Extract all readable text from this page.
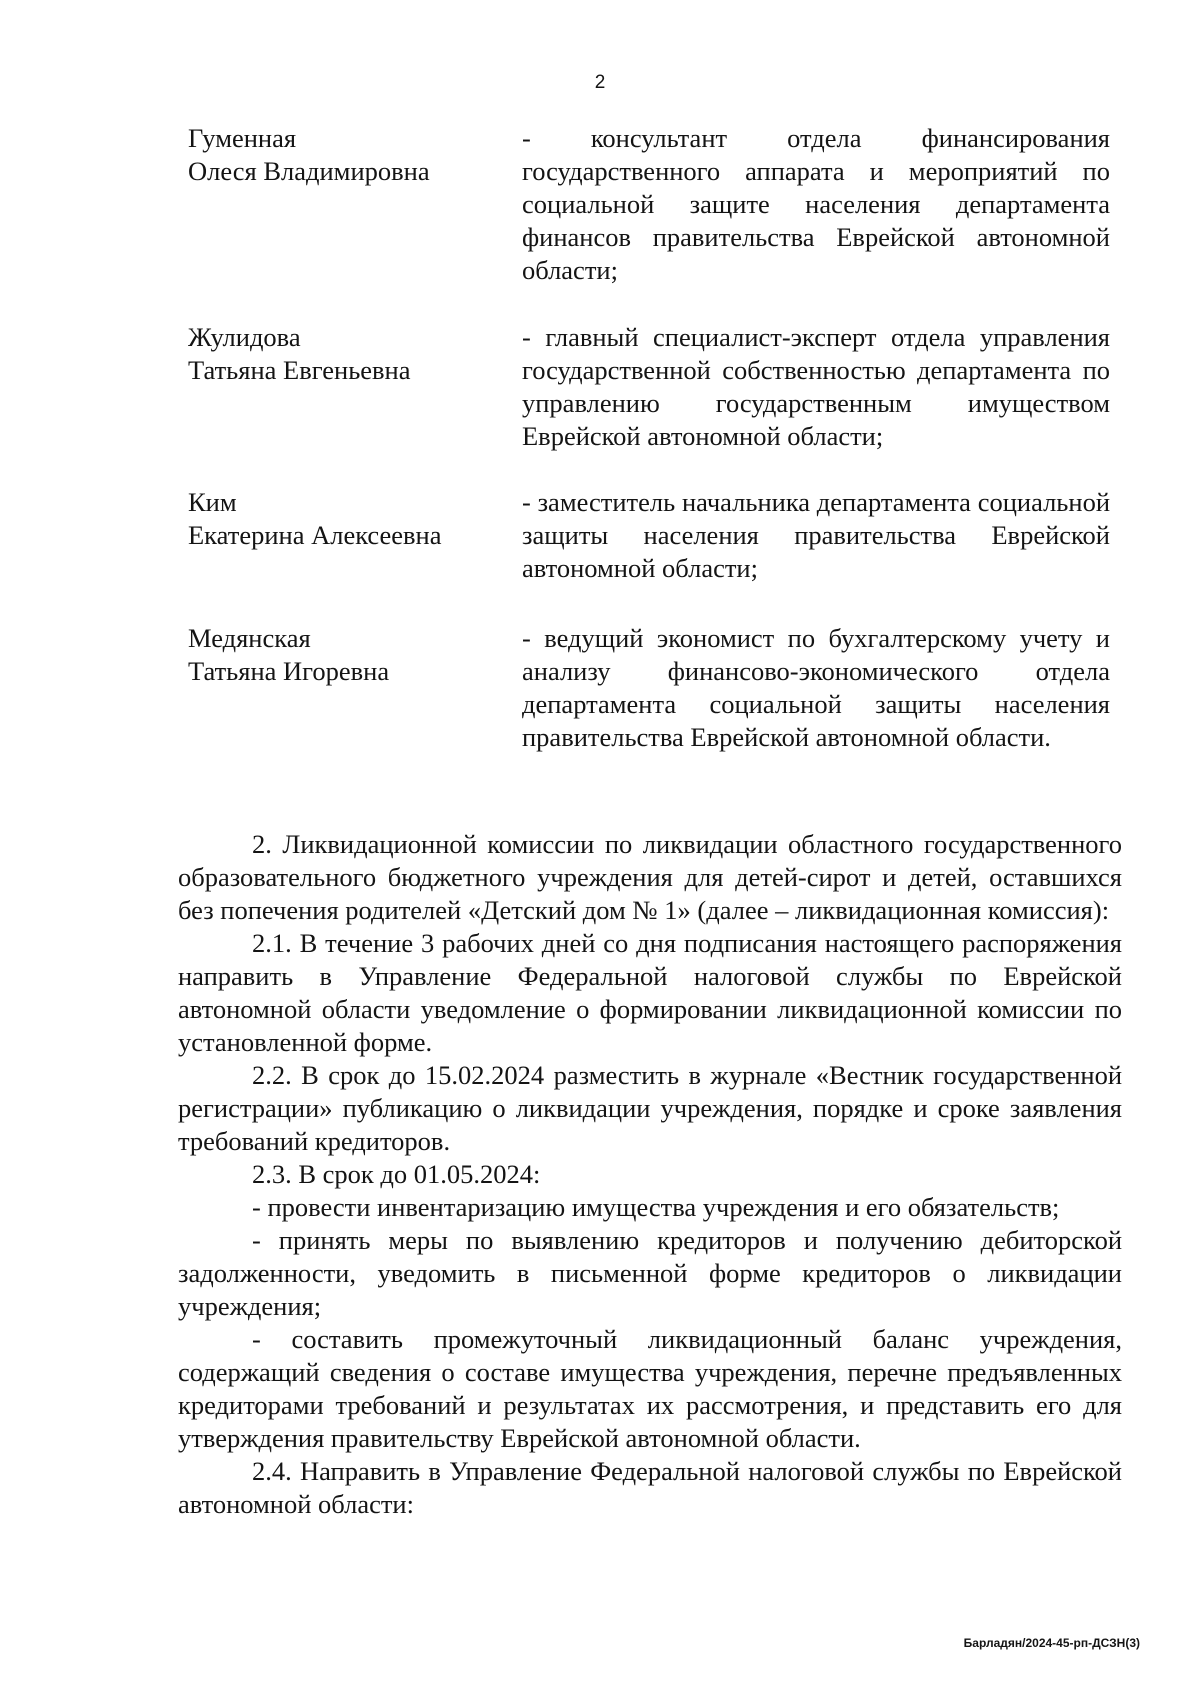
2
Гуменная
Олеся Владимировна
- консультант отдела финансирования государственного аппарата и мероприятий по социальной защите населения департамента финансов правительства Еврейской автономной области;
Жулидова
Татьяна Евгеньевна
- главный специалист-эксперт отдела управления государственной собственностью департамента по управлению государственным имуществом Еврейской автономной области;
Ким
Екатерина Алексеевна
- заместитель начальника департамента социальной защиты населения правительства Еврейской автономной области;
Медянская
Татьяна Игоревна
- ведущий экономист по бухгалтерскому учету и анализу финансово-экономического отдела департамента социальной защиты населения правительства Еврейской автономной области.

2. Ликвидационной комиссии по ликвидации областного государственного образовательного бюджетного учреждения для детей-сирот и детей, оставшихся без попечения родителей «Детский дом № 1» (далее – ликвидационная комиссия):

2.1. В течение 3 рабочих дней со дня подписания настоящего распоряжения направить в Управление Федеральной налоговой службы по Еврейской автономной области уведомление о формировании ликвидационной комиссии по установленной форме.

2.2. В срок до 15.02.2024 разместить в журнале «Вестник государственной регистрации» публикацию о ликвидации учреждения, порядке и сроке заявления требований кредиторов.

2.3. В срок до 01.05.2024:

- провести инвентаризацию имущества учреждения и его обязательств;

- принять меры по выявлению кредиторов и получению дебиторской задолженности, уведомить в письменной форме кредиторов о ликвидации учреждения;

- составить промежуточный ликвидационный баланс учреждения, содержащий сведения о составе имущества учреждения, перечне предъявленных кредиторами требований и результатах их рассмотрения, и представить его для утверждения правительству Еврейской автономной области.

2.4. Направить в Управление Федеральной налоговой службы по Еврейской автономной области:

Барладян/2024-45-рп-ДСЗН(3)
